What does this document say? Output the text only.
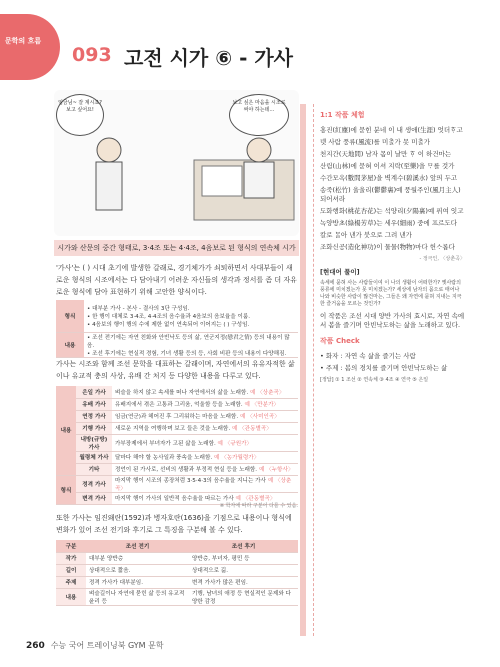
문학의 흐름
093 고전 시가 ⑥ - 가사
임금님~ 잘 계시죠? 보고 싶어요!
보고 싶은 마음을 시조로 써야 하는데…
시가와 산문의 중간 형태로, 3·4조 또는 4·4조, 4음보로 된 형식의 연속체 시가
'가사'는 ( ) 시대 초기에 발생한 갈래로, 경기체가가 쇠퇴하면서 사대부들이 새로운 형식의 시조에서는 다 담아내기 어려운 자신들의 생각과 정서를 좀 더 자유로운 형식에 담아 표현하기 위해 고안한 양식이다.
형식	• 대부분 가사 - 본사 - 결사의 3단 구성임.
• 한 행이 대체로 3·4조, 4·4조의 음수율과 4음보의 음보율을 이룸.
• 4음보의 행이 행의 수에 제한 없이 연속되어 이어지는 ( ) 구성임.

내용	• 조선 전기에는 자연 친화와 안빈낙도 등의 삶, 연군지정(戀君之情) 등의 내용이 많음.
• 조선 후기에는 현실적 경험, 기녀 생활 등의 등, 사회 비판 등의 내용이 다양해짐.
가사는 시조와 함께 조선 문학을 대표하는 갈래이며, 자연에서의 유유자적한 삶이나 유교적 충의 사상, 유배 간 처지 등 다양한 내용을 다루고 있다.
내용	은일 가사	벼슬을 하지 않고 속세를 떠나 자연에서의 삶을 노래함. 예 〈상춘곡〉
	유배 가사	유배지에서 겪은 고통과 그리움, 억울함 등을 노래함. 예 〈만분가〉
	연정 가사	임금(연군)과 헤어진 후 그리워하는 마음을 노래함. 예 〈사미인곡〉
	기행 가사	새로운 지역을 여행하며 보고 들은 것을 노래함. 예 〈관동별곡〉
	내방(규방) 가사	가부장제에서 부녀자가 고된 삶을 노래함. 예 〈규원가〉
	월령체 가사	달마다 해야 할 농사일과 풍속을 노래함. 예 〈농가월령가〉
	기타	정언이 된 가사로, 선비의 생활과 부정적 현실 등을 노래함. 예 〈누항사〉
형식	정격 가사	마지막 행이 시조의 종장처럼 3·5·4·3의 음수율을 지니는 가사 예 〈상춘곡〉
	변격 가사	마지막 행이 가사의 일반적 음수율을 따르는 가사 예 〈관동별곡〉
※ 학자에 따라 구분이 다를 수 있음.
또한 가사는 임진왜란(1592)과 병자호란(1636)을 기점으로 내용이나 형식에 변화가 있어 조선 전기와 후기로 그 특징을 구분해 볼 수 있다.
구분	조선 전기	조선 후기
작가	대부분 양반층	양반층, 부녀자, 평민 등
길이	상대적으로 짧음.	상대적으로 긺.
주제	정격 가사가 대부분임.	변격 가사가 많은 편임.
내용	벼슬길이나 자연에 묻힌 삶 등의 유교적 윤리 등	기행, 남녀의 애정 등 현실적인 문제와 다양한 감정
1:1 작품 체험
홍진(紅塵)에 묻힌 분네 이 내 생애(生涯) 엇더ᄒᆞ고
녯 사람 풍류(風流)를 미ᄎᆞᆯ가 못 미ᄎᆞᆯ가
천지간(天地間) 남자 몸이 날만 ᄒᆞ 이 하건마는
산림(山林)에 묻혀 이셔 지락(至樂)을 ᄆᆞ를 것가
수간모옥(數間茅屋)을 벽계수(碧溪水) 앞픠 두고
송죽(松竹) 울울리(鬱鬱裏)예 풍월주인(風月主人) 되어셔라
도화행화(桃花杏花)는 석양리(夕陽裏)예 퓌여 잇고
녹양방초(綠楊芳草)는 세우(細雨) 중에 프르도다
칼로 ᄆᆞᆯ아 낸가 붓으로 그려 낸가
조화신공(造化神功)이 물물(物物)마다 헌ᄉᆞ롭다
- 정극인, 〈상춘곡〉
[현대어 풀이]
속세에 묻혀 사는 사람들이여 이 나의 생활이 어떠한가? 옛사람의 풍류에 미치겠는가 못 미치겠는가? 세상에 남자의 몸으로 태어나 나와 비슷한 사람이 많건마는, 그들은 왜 자연에 묻혀 지내는 지극한 즐거움을 모르는 것인가?
이 작품은 조선 시대 양반 가사의 효시로, 자연 속에서 봄을 즐기며 안빈낙도하는 삶을 노래하고 있다.
작품 Check
• 화자 : 자연 속 삶을 즐기는 사람
• 주제 : 봄의 경치를 즐기며 안빈낙도하는 삶
[정답] ① 1 조선 ② 연속체 ③ 4조 ④ 연극 ⑤ 은일
260 수능 국어 트레이닝북 GYM 문학
